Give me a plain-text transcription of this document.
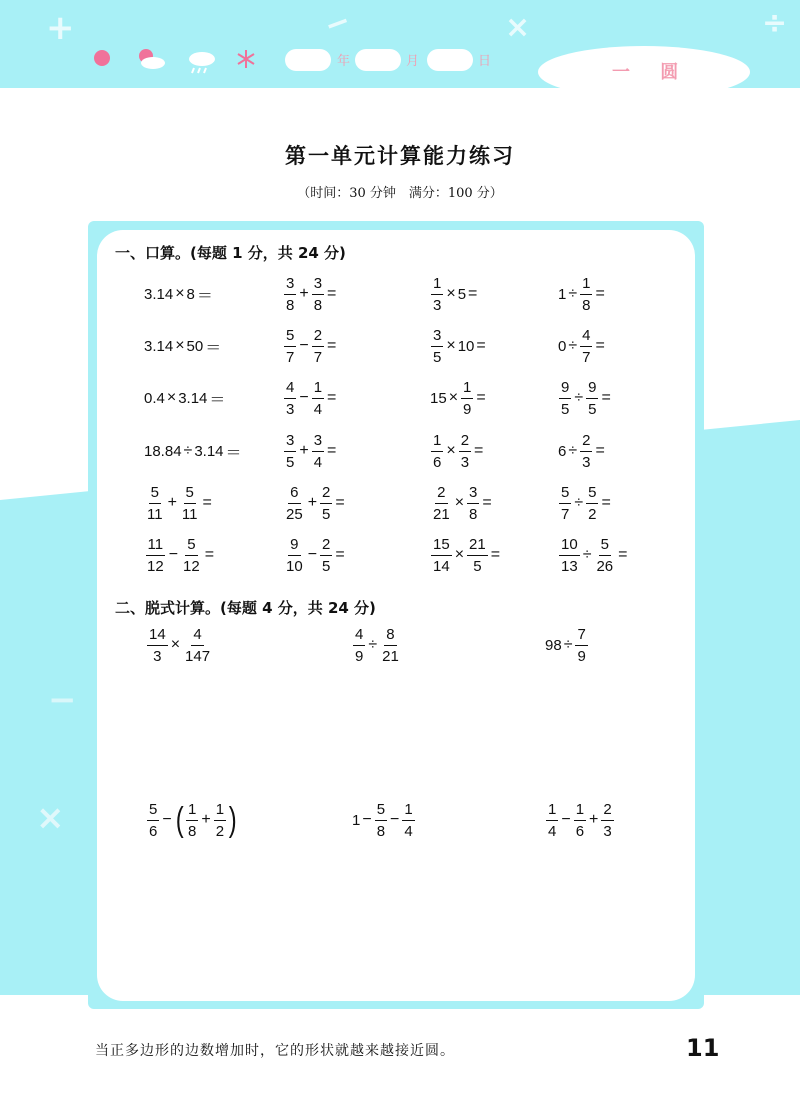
+	−	×	÷
−
×
年	月	日
一 圆
第一单元计算能力练习
（时间：30 分钟　满分：100 分）
一、口算。(每题 1 分，共 24 分)
3.14 × 8 ＝	$\frac{3}{8} + \frac{3}{8}$ =	$\frac{1}{3} \times 5$ =	$1 \div \frac{1}{8}$ =
3.14 × 50 ＝	$\frac{5}{7} - \frac{2}{7}$ =	$\frac{3}{5} \times 10$ =	$0 \div \frac{4}{7}$ =
0.4 × 3.14 ＝	$\frac{4}{3} - \frac{1}{4}$ =	$15 \times \frac{1}{9}$ =	$\frac{9}{5} \div \frac{9}{5}$ =
18.84 ÷ 3.14 ＝	$\frac{3}{5} + \frac{3}{4}$ =	$\frac{1}{6} \times \frac{2}{3}$ =	$6 \div \frac{2}{3}$ =
$\frac{5}{11} + \frac{5}{11}$ =	$\frac{6}{25} + \frac{2}{5}$ =	$\frac{2}{21} \times \frac{3}{8}$ =	$\frac{5}{7} \div \frac{5}{2}$ =
$\frac{11}{12} - \frac{5}{12}$ =	$\frac{9}{10} - \frac{2}{5}$ =	$\frac{15}{14} \times \frac{21}{5}$ =	$\frac{10}{13} \div \frac{5}{26}$ =
二、脱式计算。(每题 4 分，共 24 分)
$\frac{14}{3} \times \frac{4}{147}$	$\frac{4}{9} \div \frac{8}{21}$	$98 \div \frac{7}{9}$
$\frac{5}{6}$ − ( $\frac{1}{8} + \frac{1}{2}$ )	$1 - \frac{5}{8} - \frac{1}{4}$	$\frac{1}{4} - \frac{1}{6} + \frac{2}{3}$
当正多边形的边数增加时，它的形状就越来越接近圆。	11
